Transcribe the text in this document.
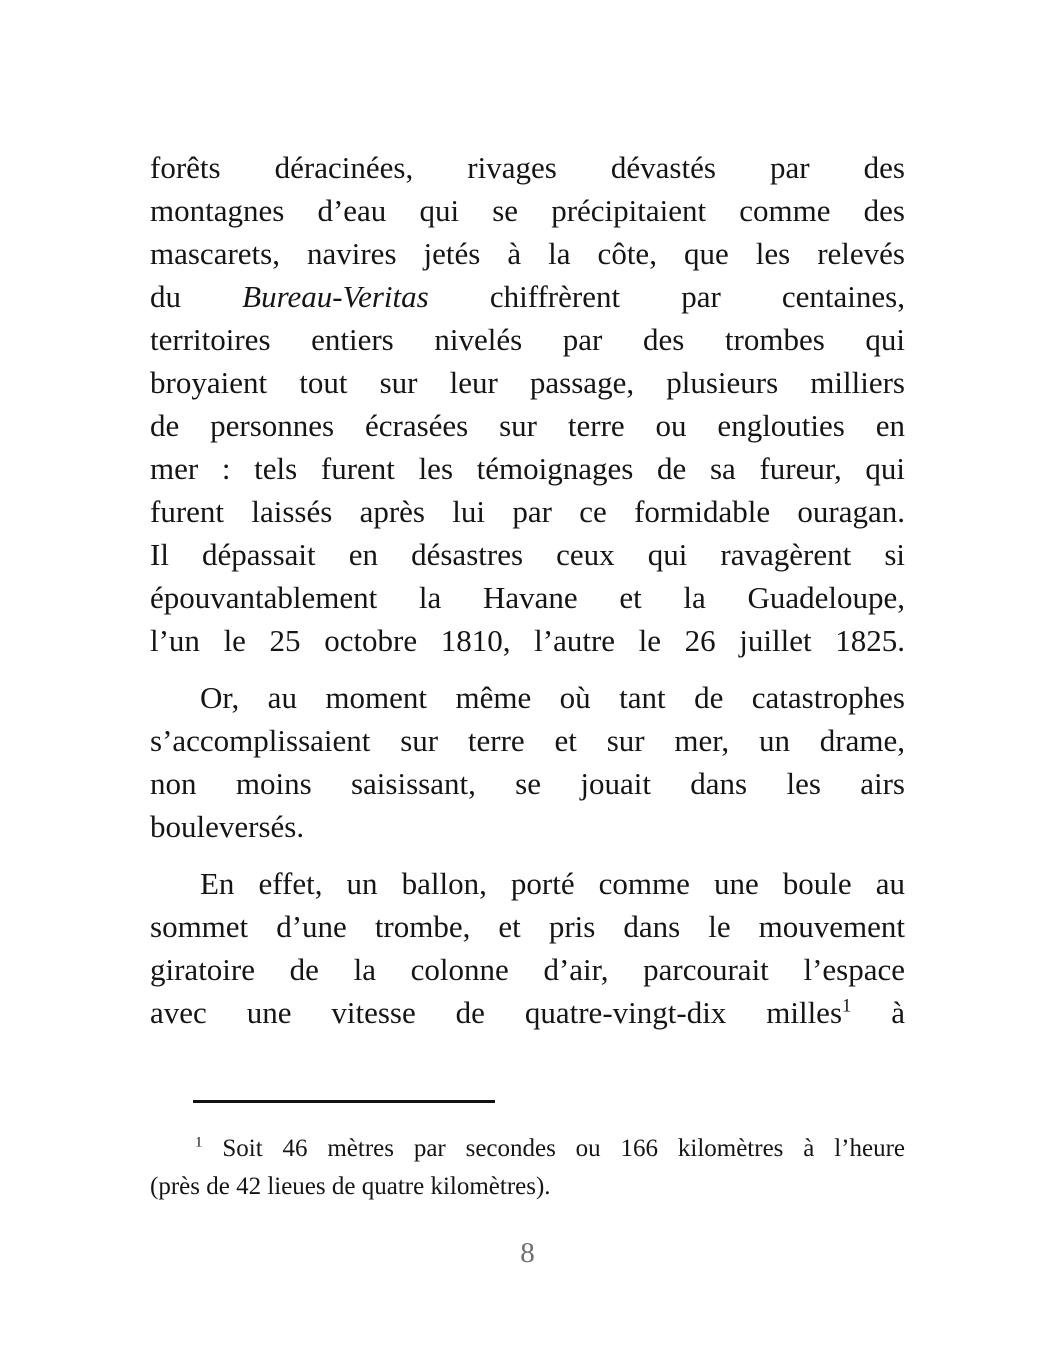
forêts déracinées, rivages dévastés par des
montagnes d’eau qui se précipitaient comme des
mascarets, navires jetés à la côte, que les relevés
du Bureau-Veritas chiffrèrent par centaines,
territoires entiers nivelés par des trombes qui
broyaient tout sur leur passage, plusieurs milliers
de personnes écrasées sur terre ou englouties en
mer : tels furent les témoignages de sa fureur, qui
furent laissés après lui par ce formidable ouragan.
Il dépassait en désastres ceux qui ravagèrent si
épouvantablement la Havane et la Guadeloupe,
l’un le 25 octobre 1810, l’autre le 26 juillet 1825.
Or, au moment même où tant de catastrophes
s’accomplissaient sur terre et sur mer, un drame,
non moins saisissant, se jouait dans les airs
bouleversés.
En effet, un ballon, porté comme une boule au
sommet d’une trombe, et pris dans le mouvement
giratoire de la colonne d’air, parcourait l’espace
avec une vitesse de quatre-vingt-dix milles$^1$ à
$^1$ Soit 46 mètres par secondes ou 166 kilomètres à l’heure
(près de 42 lieues de quatre kilomètres).
8
